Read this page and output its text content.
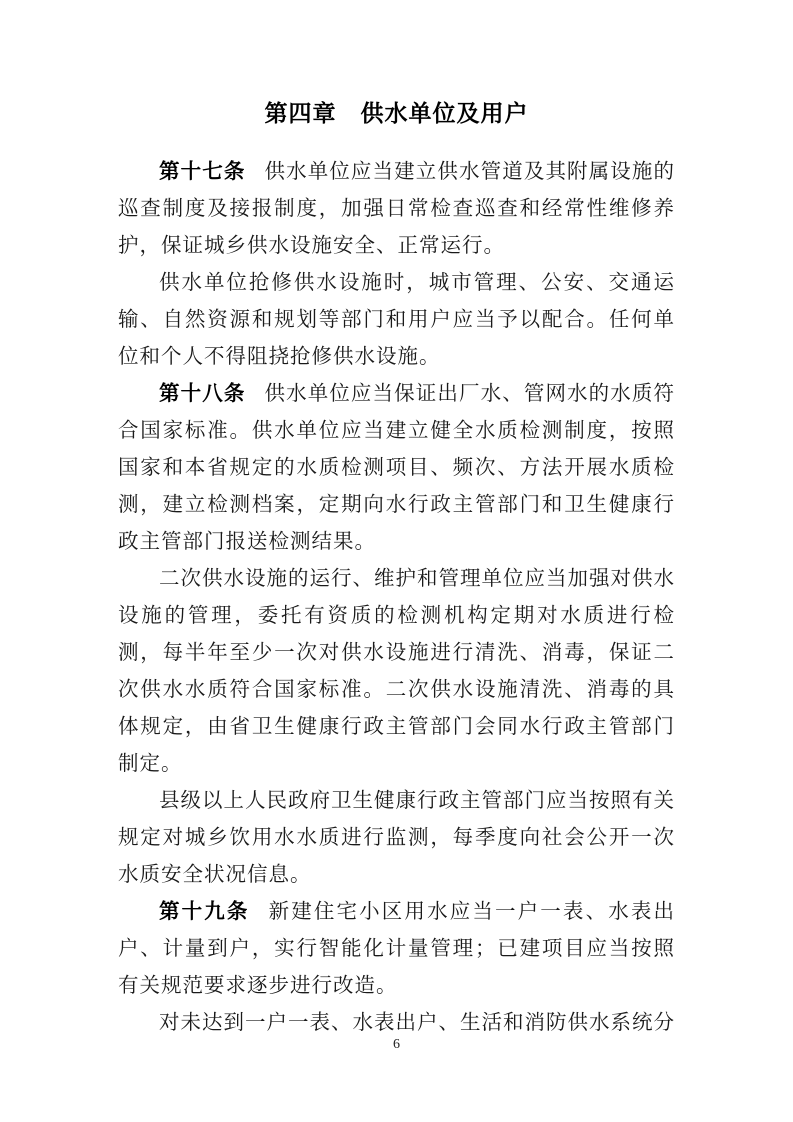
第四章　供水单位及用户

第十七条 供水单位应当建立供水管道及其附属设施的巡查制度及接报制度，加强日常检查巡查和经常性维修养护，保证城乡供水设施安全、正常运行。

供水单位抢修供水设施时，城市管理、公安、交通运输、自然资源和规划等部门和用户应当予以配合。任何单位和个人不得阻挠抢修供水设施。

第十八条 供水单位应当保证出厂水、管网水的水质符合国家标准。供水单位应当建立健全水质检测制度，按照国家和本省规定的水质检测项目、频次、方法开展水质检测，建立检测档案，定期向水行政主管部门和卫生健康行政主管部门报送检测结果。

二次供水设施的运行、维护和管理单位应当加强对供水设施的管理，委托有资质的检测机构定期对水质进行检测，每半年至少一次对供水设施进行清洗、消毒，保证二次供水水质符合国家标准。二次供水设施清洗、消毒的具体规定，由省卫生健康行政主管部门会同水行政主管部门制定。

县级以上人民政府卫生健康行政主管部门应当按照有关规定对城乡饮用水水质进行监测，每季度向社会公开一次水质安全状况信息。

第十九条 新建住宅小区用水应当一户一表、水表出户、计量到户，实行智能化计量管理；已建项目应当按照有关规范要求逐步进行改造。

对未达到一户一表、水表出户、生活和消防供水系统分

6
